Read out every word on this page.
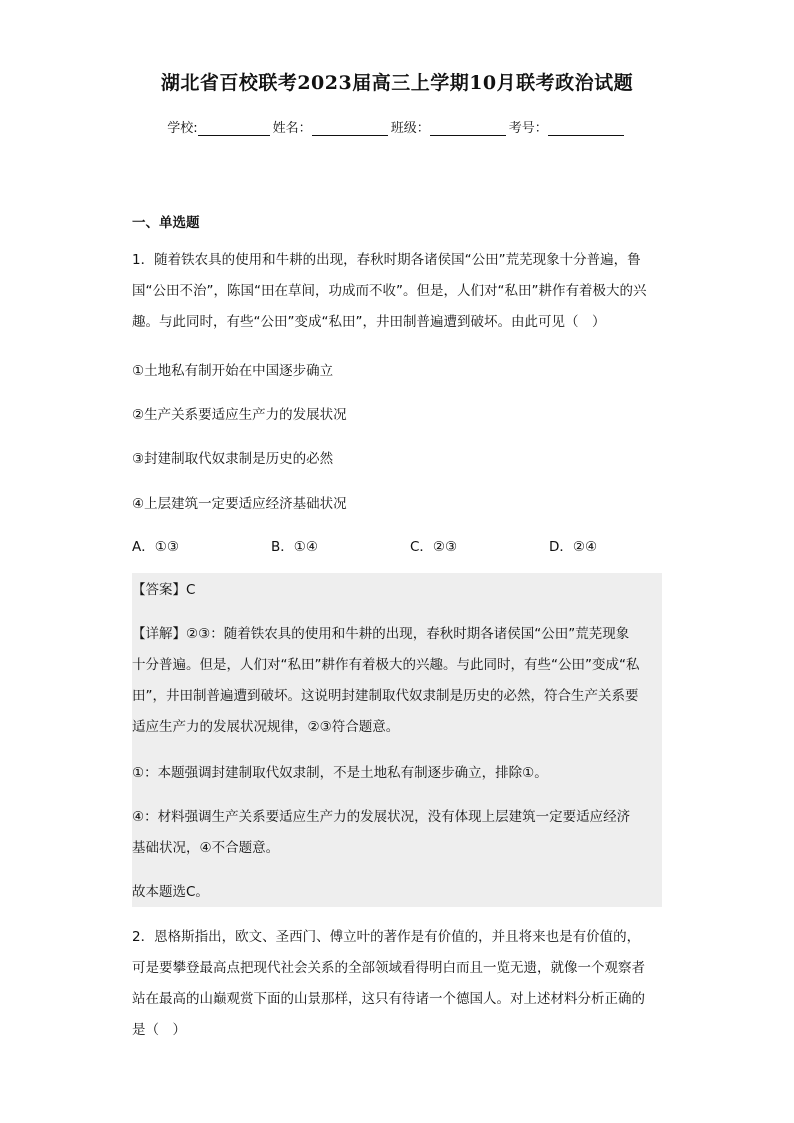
湖北省百校联考2023届高三上学期10月联考政治试题
学校:	姓名：	班级：	考号：
一、单选题
1．随着铁农具的使用和牛耕的出现，春秋时期各诸侯国“公田”荒芜现象十分普遍，鲁
国“公田不治”，陈国“田在草间，功成而不收”。但是，人们对“私田”耕作有着极大的兴
趣。与此同时，有些“公田”变成“私田”，井田制普遍遭到破坏。由此可见（　）
①土地私有制开始在中国逐步确立
②生产关系要适应生产力的发展状况
③封建制取代奴隶制是历史的必然
④上层建筑一定要适应经济基础状况
A．①③	B．①④	C．②③	D．②④
【答案】C
【详解】②③：随着铁农具的使用和牛耕的出现，春秋时期各诸侯国“公田”荒芜现象
十分普遍。但是，人们对“私田”耕作有着极大的兴趣。与此同时，有些“公田”变成“私
田”，井田制普遍遭到破坏。这说明封建制取代奴隶制是历史的必然，符合生产关系要
适应生产力的发展状况规律，②③符合题意。
①：本题强调封建制取代奴隶制，不是土地私有制逐步确立，排除①。
④：材料强调生产关系要适应生产力的发展状况，没有体现上层建筑一定要适应经济
基础状况，④不合题意。
故本题选C。
2．恩格斯指出，欧文、圣西门、傅立叶的著作是有价值的，并且将来也是有价值的，
可是要攀登最高点把现代社会关系的全部领域看得明白而且一览无遗，就像一个观察者
站在最高的山巅观赏下面的山景那样，这只有待诸一个德国人。对上述材料分析正确的
是（　）
